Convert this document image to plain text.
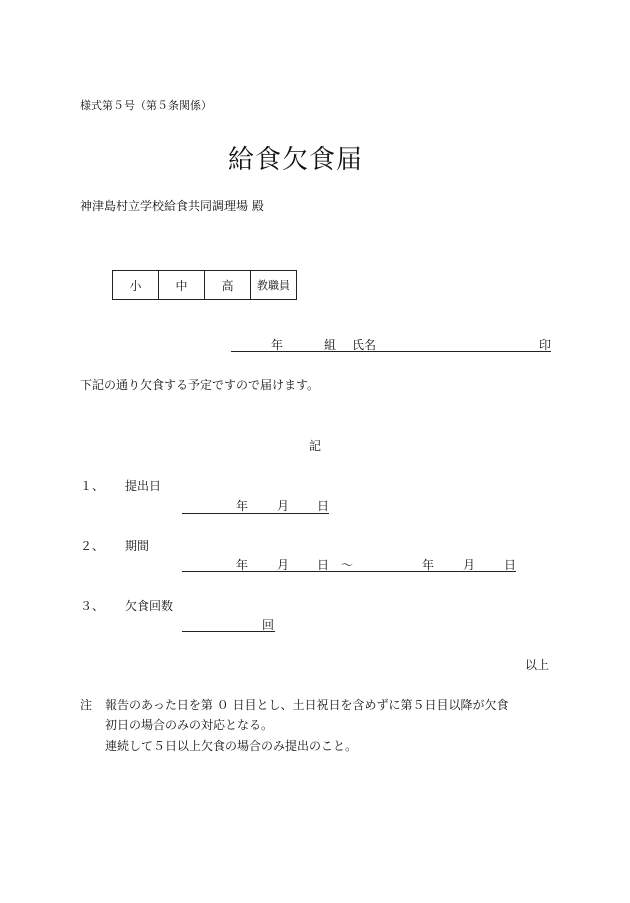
様式第５号（第５条関係）
給食欠食届
神津島村立学校給食共同調理場 殿
小	中	高	教職員
年	組 氏名	印
下記の通り欠食する予定ですので届けます。
記
１、 提出日
年 月 日
２、 期間
年 月 日 ～	年 月 日
３、 欠食回数
回
以上
注 報告のあった日を第 ０ 日目とし、土日祝日を含めずに第５日目以降が欠食
初日の場合のみの対応となる。
連続して５日以上欠食の場合のみ提出のこと。
